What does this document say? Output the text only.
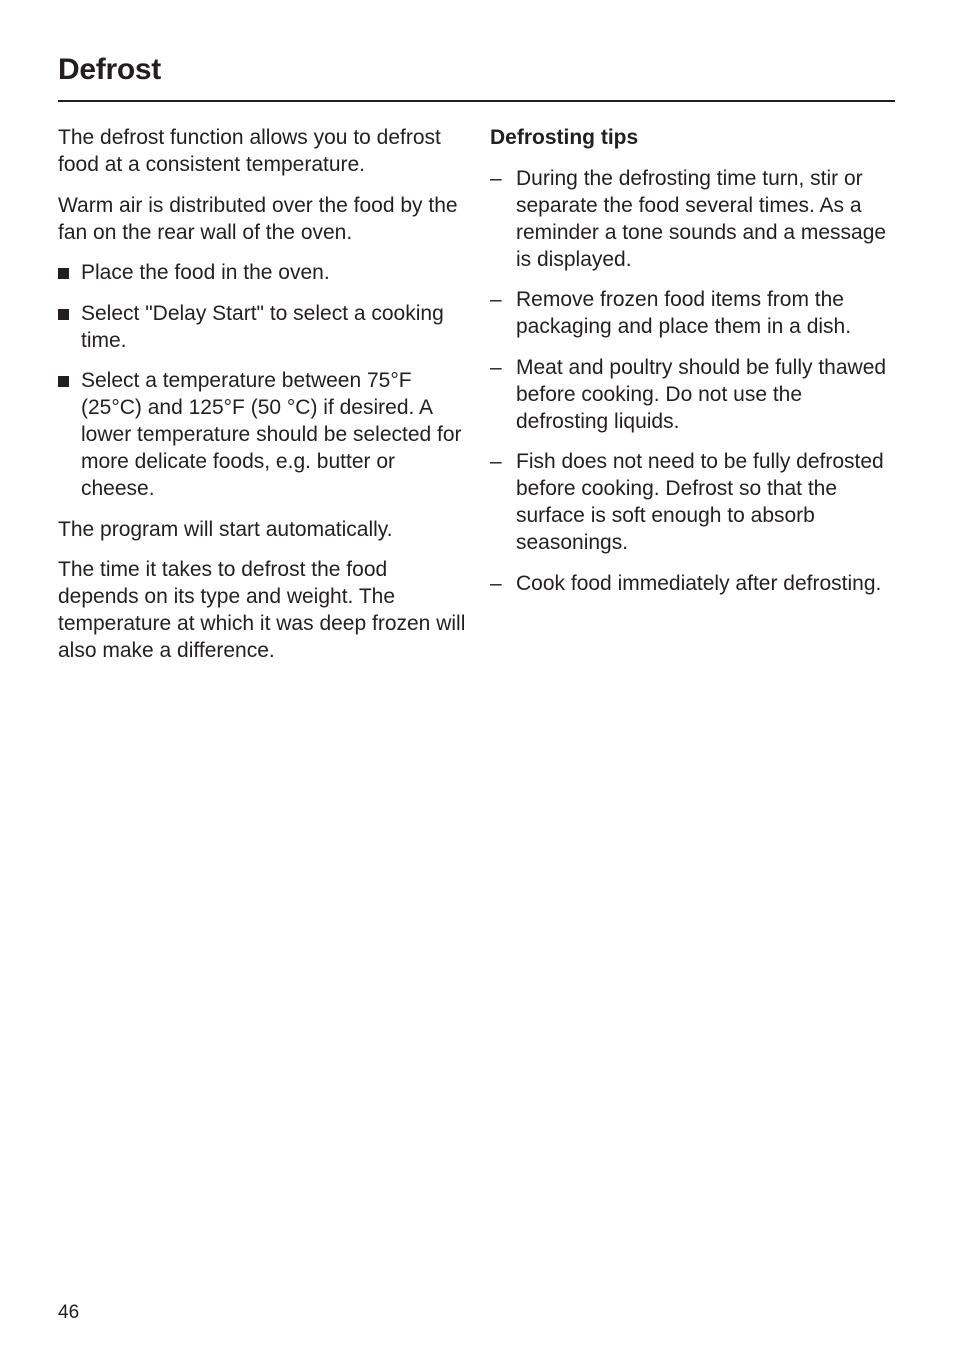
Defrost

The defrost function allows you to defrost food at a consistent temperature.

Warm air is distributed over the food by the fan on the rear wall of the oven.

Place the food in the oven.
Select "Delay Start" to select a cooking time.
Select a temperature between 75°F (25°C) and 125°F (50 °C) if desired. A lower temperature should be selected for more delicate foods, e.g. butter or cheese.

The program will start automatically.

The time it takes to defrost the food depends on its type and weight. The temperature at which it was deep frozen will also make a difference.

Defrosting tips
– During the defrosting time turn, stir or separate the food several times. As a reminder a tone sounds and a message is displayed.
– Remove frozen food items from the packaging and place them in a dish.
– Meat and poultry should be fully thawed before cooking. Do not use the defrosting liquids.
– Fish does not need to be fully defrosted before cooking. Defrost so that the surface is soft enough to absorb seasonings.
– Cook food immediately after defrosting.
46
